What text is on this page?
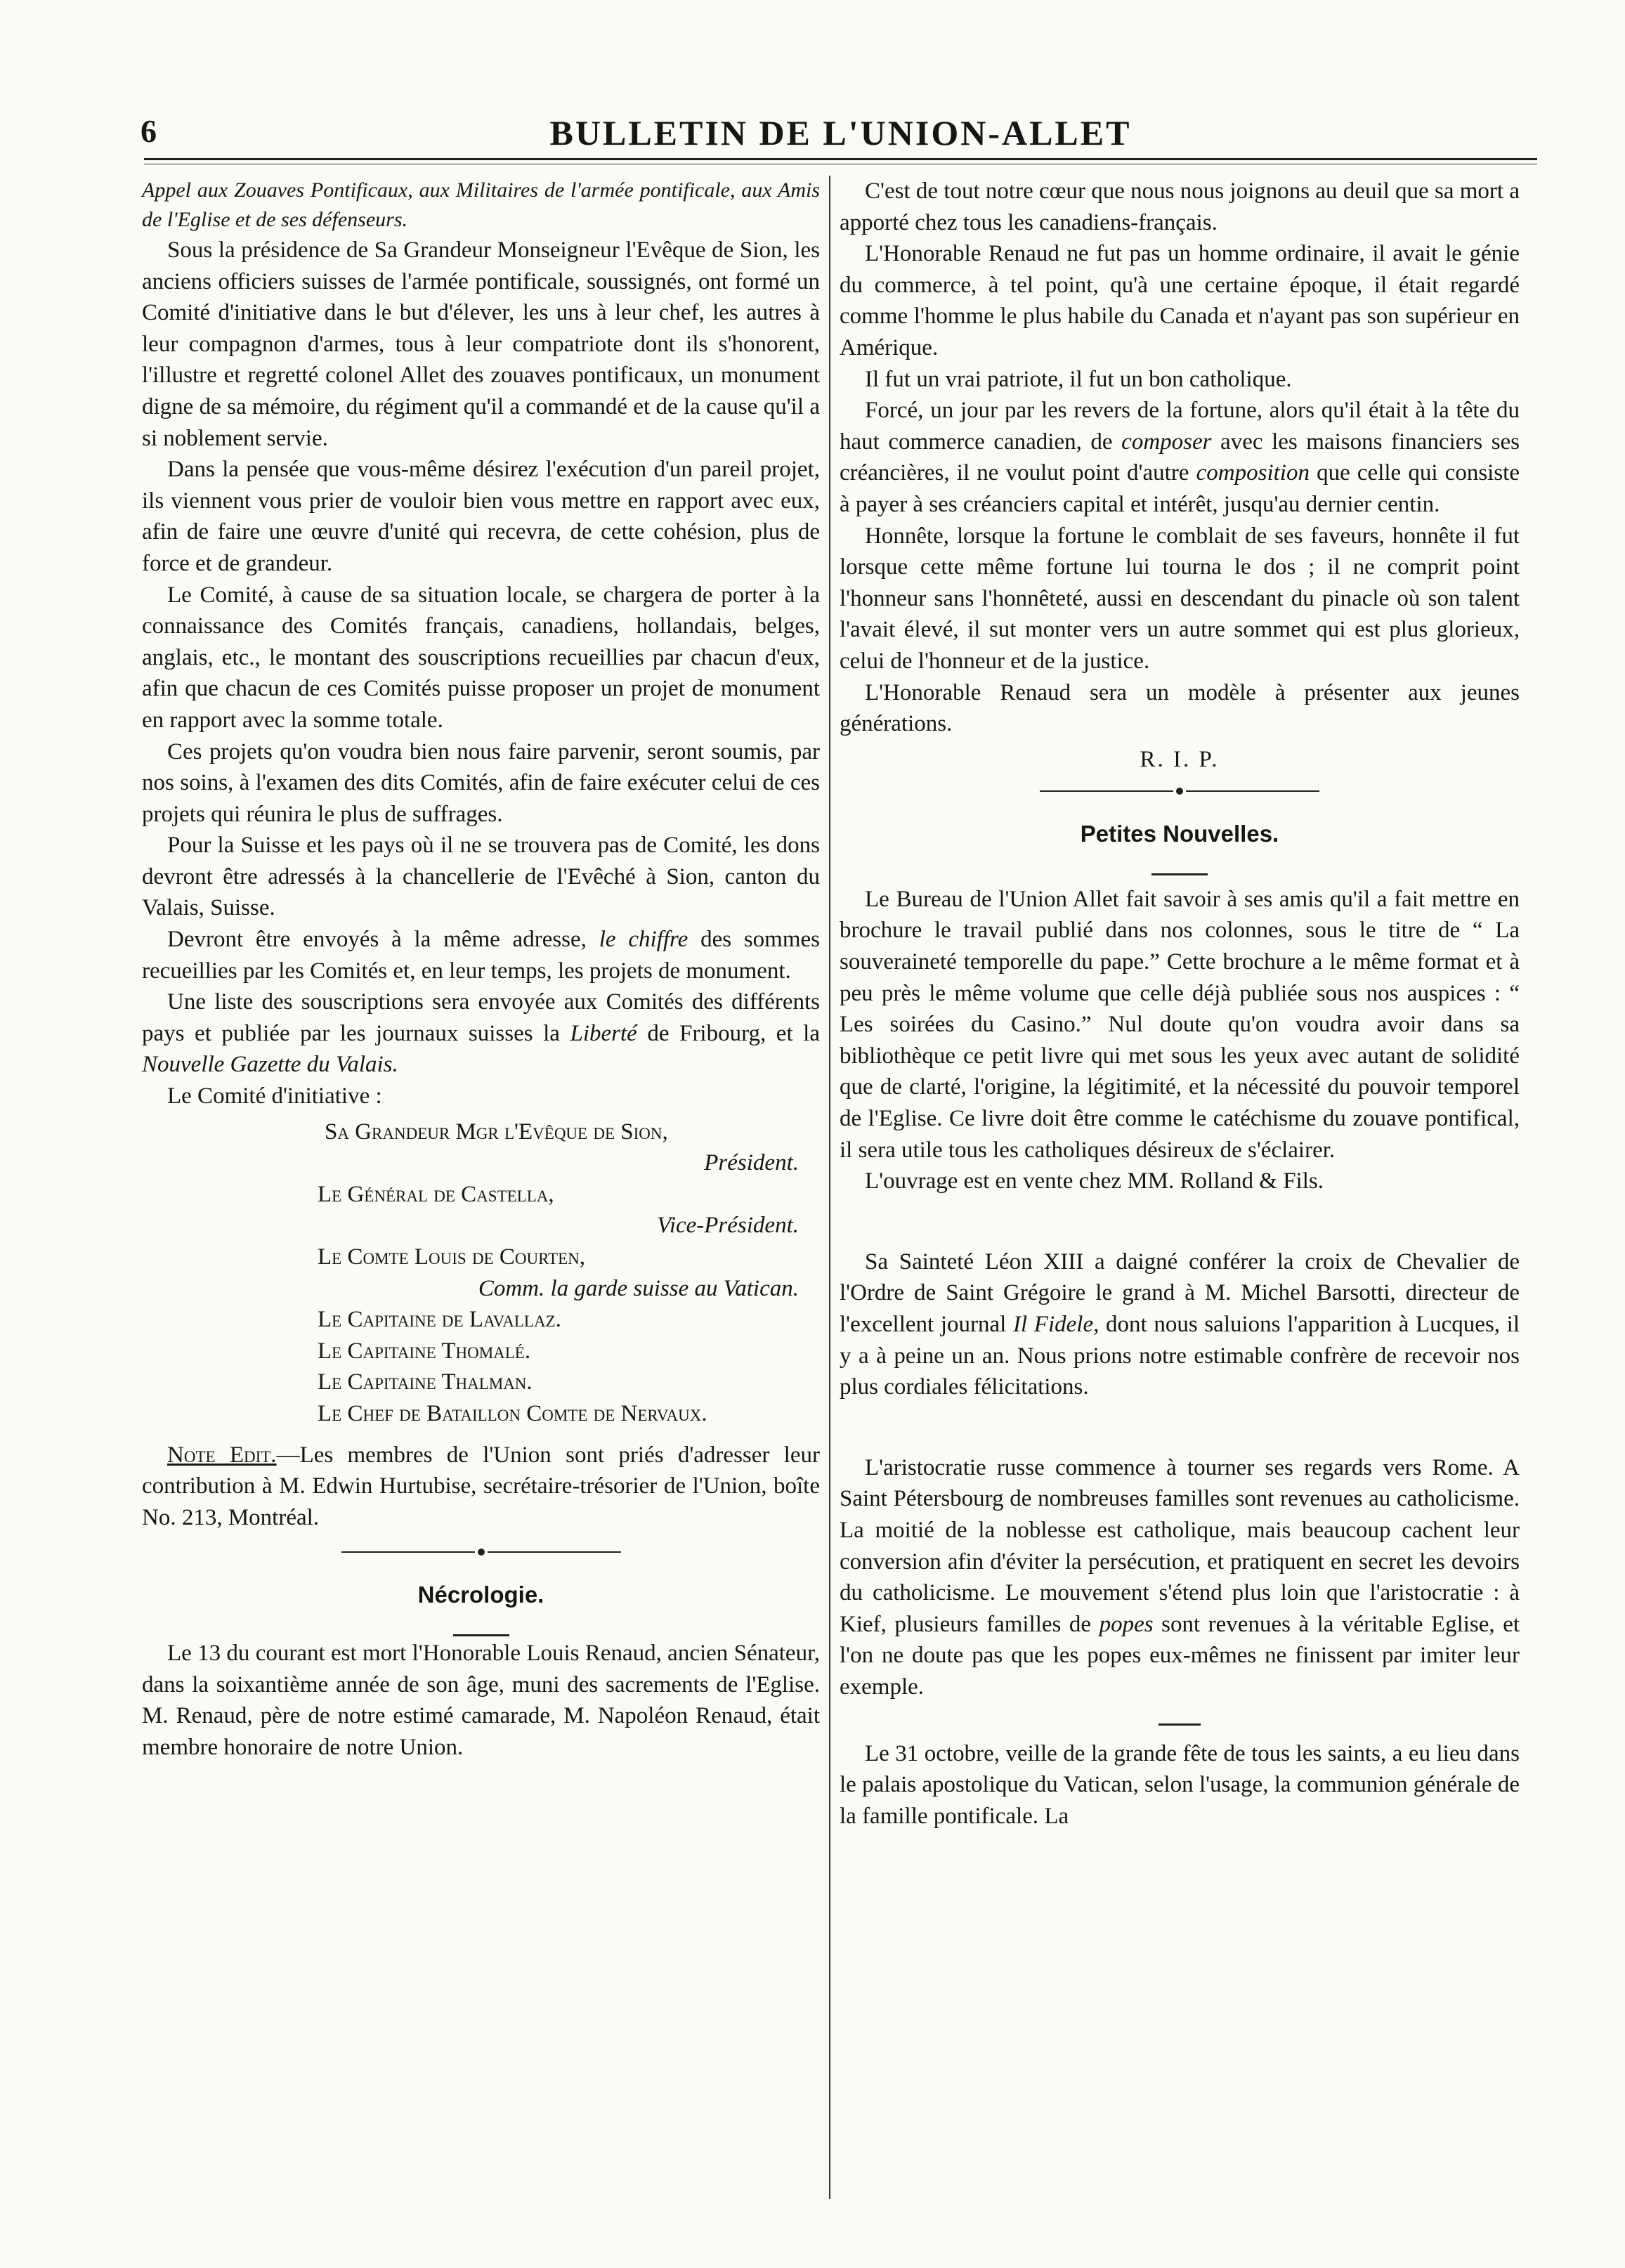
6	BULLETIN DE L'UNION-ALLET

Appel aux Zouaves Pontificaux, aux Militaires de l'armée pontificale, aux Amis de l'Eglise et de ses défenseurs.

Sous la présidence de Sa Grandeur Monseigneur l'Evêque de Sion, les anciens officiers suisses de l'armée pontificale, soussignés, ont formé un Comité d'initiative dans le but d'élever, les uns à leur chef, les autres à leur compagnon d'armes, tous à leur compatriote dont ils s'honorent, l'illustre et regretté colonel Allet des zouaves pontificaux, un monument digne de sa mémoire, du régiment qu'il a commandé et de la cause qu'il a si noblement servie.

Dans la pensée que vous-même désirez l'exécution d'un pareil projet, ils viennent vous prier de vouloir bien vous mettre en rapport avec eux, afin de faire une œuvre d'unité qui recevra, de cette cohésion, plus de force et de grandeur.

Le Comité, à cause de sa situation locale, se chargera de porter à la connaissance des Comités français, canadiens, hollandais, belges, anglais, etc., le montant des souscriptions recueillies par chacun d'eux, afin que chacun de ces Comités puisse proposer un projet de monument en rapport avec la somme totale.

Ces projets qu'on voudra bien nous faire parvenir, seront soumis, par nos soins, à l'examen des dits Comités, afin de faire exécuter celui de ces projets qui réunira le plus de suffrages.

Pour la Suisse et les pays où il ne se trouvera pas de Comité, les dons devront être adressés à la chancellerie de l'Evêché à Sion, canton du Valais, Suisse.

Devront être envoyés à la même adresse, le chiffre des sommes recueillies par les Comités et, en leur temps, les projets de monument.

Une liste des souscriptions sera envoyée aux Comités des différents pays et publiée par les journaux suisses la Liberté de Fribourg, et la Nouvelle Gazette du Valais.

Le Comité d'initiative :

Sa Grandeur Mgr l'Evêque de Sion,

Président.

Le Général de Castella,

Vice-Président.

Le Comte Louis de Courten,

Comm. la garde suisse au Vatican.

Le Capitaine de Lavallaz.

Le Capitaine Thomalé.

Le Capitaine Thalman.

Le Chef de Bataillon Comte de Nervaux.

Note Edit.—Les membres de l'Union sont priés d'adresser leur contribution à M. Edwin Hurtubise, secrétaire-trésorier de l'Union, boîte No. 213, Montréal.

Nécrologie.

Le 13 du courant est mort l'Honorable Louis Renaud, ancien Sénateur, dans la soixantième année de son âge, muni des sacrements de l'Eglise. M. Renaud, père de notre estimé camarade, M. Napoléon Renaud, était membre honoraire de notre Union.

C'est de tout notre cœur que nous nous joignons au deuil que sa mort a apporté chez tous les canadiens-français.

L'Honorable Renaud ne fut pas un homme ordinaire, il avait le génie du commerce, à tel point, qu'à une certaine époque, il était regardé comme l'homme le plus habile du Canada et n'ayant pas son supérieur en Amérique.

Il fut un vrai patriote, il fut un bon catholique.

Forcé, un jour par les revers de la fortune, alors qu'il était à la tête du haut commerce canadien, de composer avec les maisons financiers ses créancières, il ne voulut point d'autre composition que celle qui consiste à payer à ses créanciers capital et intérêt, jusqu'au dernier centin.

Honnête, lorsque la fortune le comblait de ses faveurs, honnête il fut lorsque cette même fortune lui tourna le dos ; il ne comprit point l'honneur sans l'honnêteté, aussi en descendant du pinacle où son talent l'avait élevé, il sut monter vers un autre sommet qui est plus glorieux, celui de l'honneur et de la justice.

L'Honorable Renaud sera un modèle à présenter aux jeunes générations.

R. I. P.

Petites Nouvelles.

Le Bureau de l'Union Allet fait savoir à ses amis qu'il a fait mettre en brochure le travail publié dans nos colonnes, sous le titre de “ La souveraineté temporelle du pape.” Cette brochure a le même format et à peu près le même volume que celle déjà publiée sous nos auspices : “ Les soirées du Casino.” Nul doute qu'on voudra avoir dans sa bibliothèque ce petit livre qui met sous les yeux avec autant de solidité que de clarté, l'origine, la légitimité, et la nécessité du pouvoir temporel de l'Eglise. Ce livre doit être comme le catéchisme du zouave pontifical, il sera utile tous les catholiques désireux de s'éclairer.

L'ouvrage est en vente chez MM. Rolland & Fils.

Sa Sainteté Léon XIII a daigné conférer la croix de Chevalier de l'Ordre de Saint Grégoire le grand à M. Michel Barsotti, directeur de l'excellent journal Il Fidele, dont nous saluions l'apparition à Lucques, il y a à peine un an. Nous prions notre estimable confrère de recevoir nos plus cordiales félicitations.

L'aristocratie russe commence à tourner ses regards vers Rome. A Saint Pétersbourg de nombreuses familles sont revenues au catholicisme. La moitié de la noblesse est catholique, mais beaucoup cachent leur conversion afin d'éviter la persécution, et pratiquent en secret les devoirs du catholicisme. Le mouvement s'étend plus loin que l'aristocratie : à Kief, plusieurs familles de popes sont revenues à la véritable Eglise, et l'on ne doute pas que les popes eux-mêmes ne finissent par imiter leur exemple.

Le 31 octobre, veille de la grande fête de tous les saints, a eu lieu dans le palais apostolique du Vatican, selon l'usage, la communion générale de la famille pontificale. La
